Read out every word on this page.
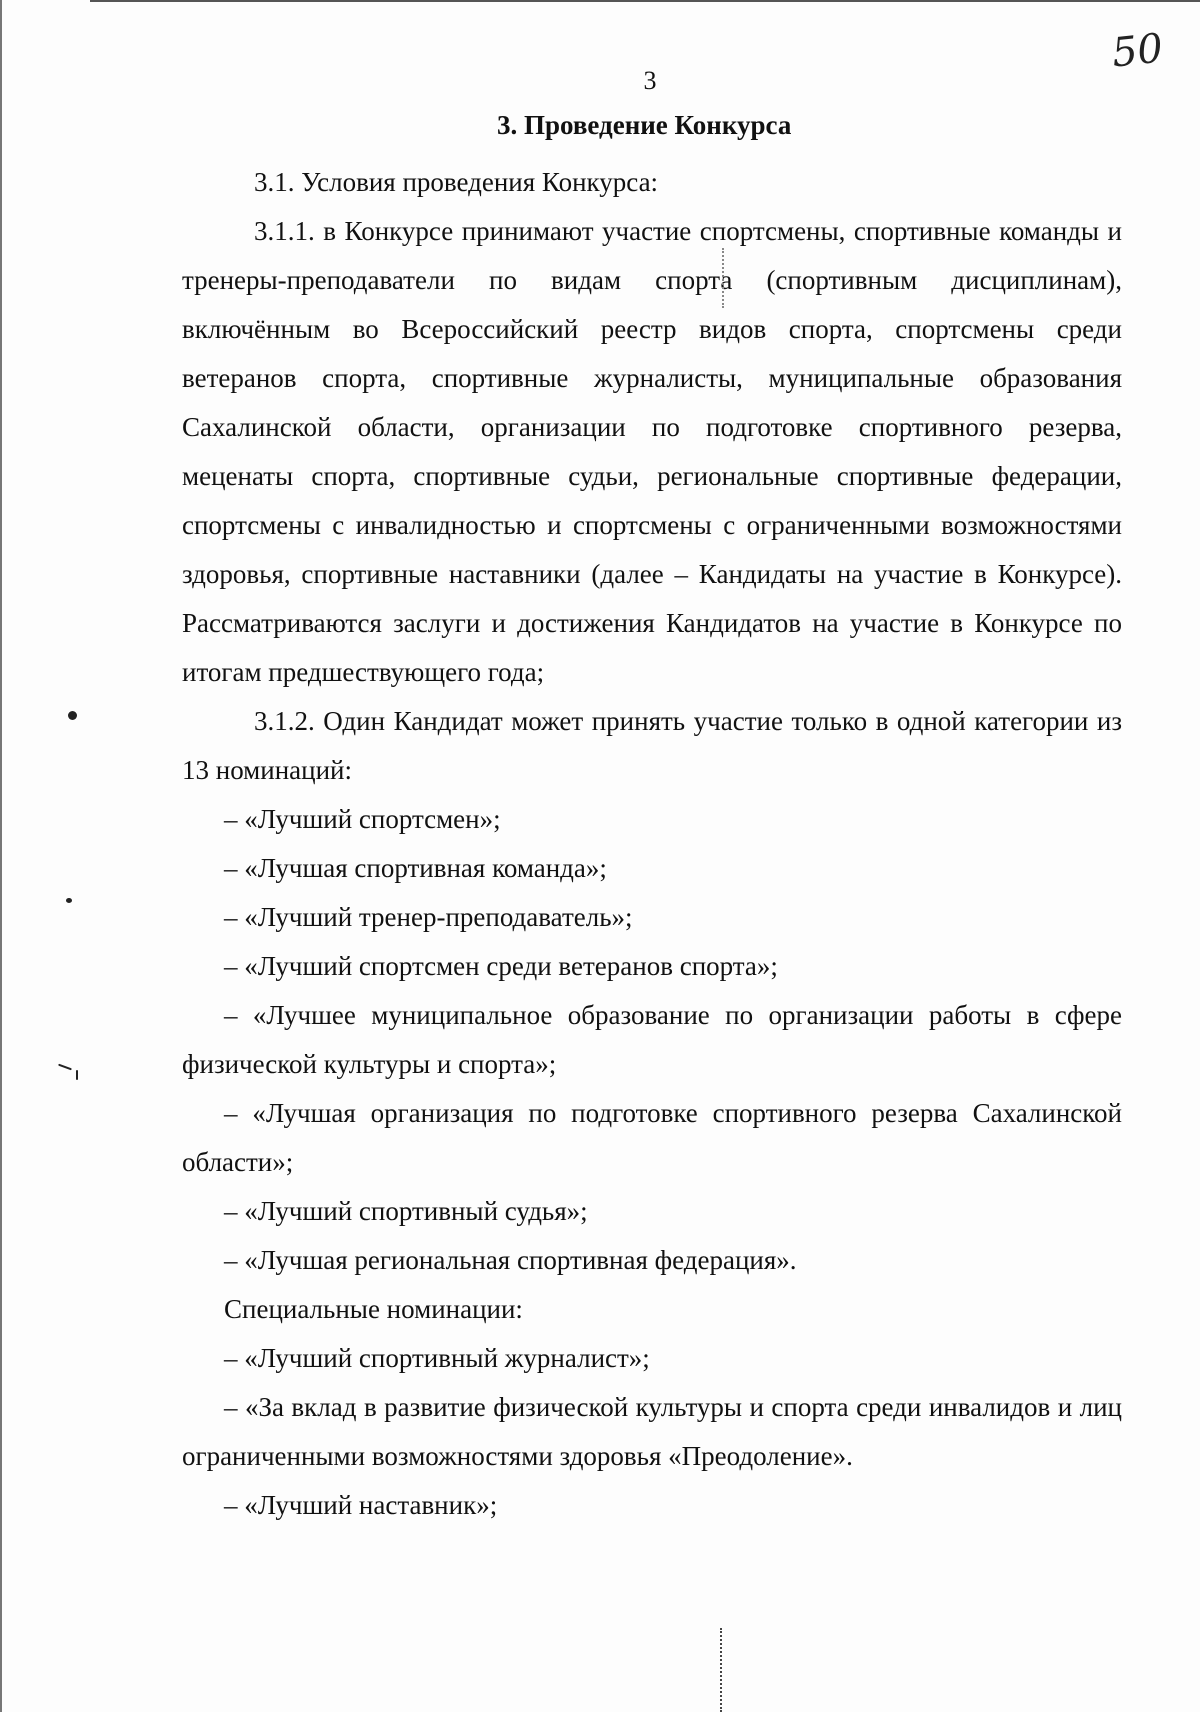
50
3
3. Проведение Конкурса

3.1. Условия проведения Конкурса:

3.1.1. в Конкурсе принимают участие спортсмены, спортивные команды и тренеры-преподаватели по видам спорта (спортивным дисциплинам), включённым во Всероссийский реестр видов спорта, спортсмены среди ветеранов спорта, спортивные журналисты, муниципальные образования Сахалинской области, организации по подготовке спортивного резерва, меценаты спорта, спортивные судьи, региональные спортивные федерации, спортсмены с инвалидностью и спортсмены с ограниченными возможностями здоровья, спортивные наставники (далее – Кандидаты на участие в Конкурсе). Рассматриваются заслуги и достижения Кандидатов на участие в Конкурсе по итогам предшествующего года;

3.1.2. Один Кандидат может принять участие только в одной категории из 13 номинаций:

– «Лучший спортсмен»;

– «Лучшая спортивная команда»;

– «Лучший тренер-преподаватель»;

– «Лучший спортсмен среди ветеранов спорта»;

– «Лучшее муниципальное образование по организации работы в сфере физической культуры и спорта»;

– «Лучшая организация по подготовке спортивного резерва Сахалинской области»;

– «Лучший спортивный судья»;

– «Лучшая региональная спортивная федерация».

Специальные номинации:

– «Лучший спортивный журналист»;

– «За вклад в развитие физической культуры и спорта среди инвалидов и лиц ограниченными возможностями здоровья «Преодоление».

– «Лучший наставник»;
